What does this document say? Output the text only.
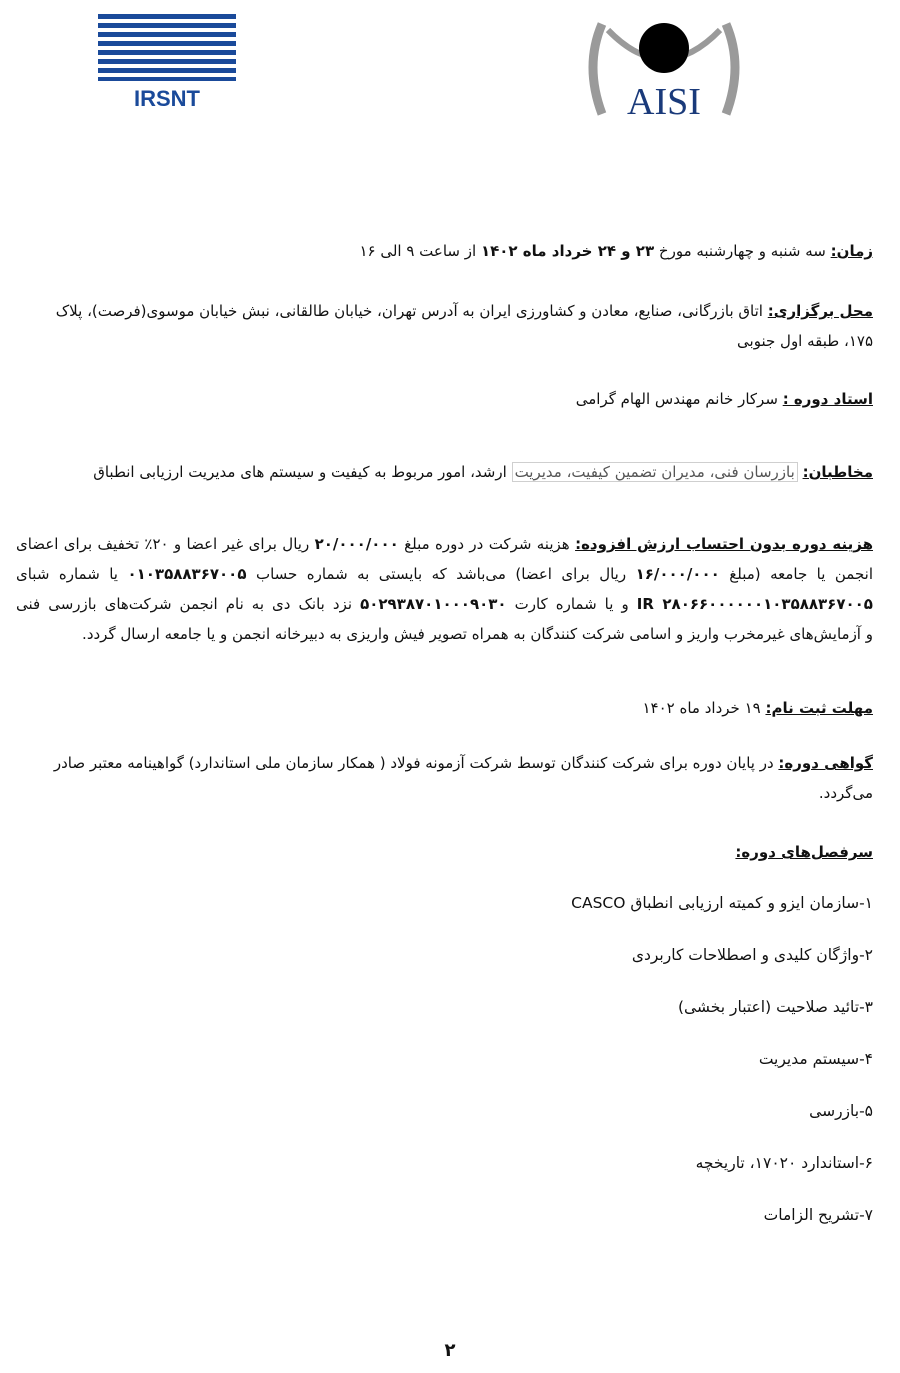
IRSNT	AISI
زمان: سه شنبه و چهارشنبه مورخ ۲۳ و ۲۴ خرداد ماه ۱۴۰۲ از ساعت ۹ الی ۱۶
محل برگزاری: اتاق بازرگانی، صنایع، معادن و کشاورزی ایران به آدرس تهران، خیابان طالقانی، نبش خیابان موسوی(فرصت)، پلاک
۱۷۵، طبقه اول جنوبی
استاد دوره : سرکار خانم مهندس الهام گرامی
مخاطبان: بازرسان فنی، مدیران تضمین کیفیت، مدیریت ارشد، امور مربوط به کیفیت و سیستم های مدیریت ارزیابی انطباق
هزینه دوره بدون احتساب ارزش افزوده: هزینه شرکت در دوره مبلغ ۲۰/۰۰۰/۰۰۰ ریال برای غیر اعضا و ۲۰٪ تخفیف برای اعضای
انجمن یا جامعه (مبلغ ۱۶/۰۰۰/۰۰۰ ریال برای اعضا) می‌باشد که بایستی به شماره حساب ۰۱۰۳۵۸۸۳۶۷۰۰۵ یا شماره شبای
IR ۲۸۰۶۶۰۰۰۰۰۰۱۰۳۵۸۸۳۶۷۰۰۵ و یا شماره کارت ۵۰۲۹۳۸۷۰۱۰۰۰۹۰۳۰ نزد بانک دی به نام انجمن شرکت‌های بازرسی فنی
و آزمایش‌های غیرمخرب واریز و اسامی شرکت کنندگان به همراه تصویر فیش واریزی به دبیرخانه انجمن و یا جامعه ارسال گردد.
مهلت ثبت نام: ۱۹ خرداد ماه ۱۴۰۲
گواهی دوره: در پایان دوره برای شرکت کنندگان توسط شرکت آزمونه فولاد ( همکار سازمان ملی استاندارد) گواهینامه معتبر صادر
می‌گردد.
سرفصل‌های دوره:
۱-سازمان ایزو و کمیته ارزیابی انطباق CASCO
۲-واژگان کلیدی و اصطلاحات کاربردی
۳-تائید صلاحیت (اعتبار بخشی)
۴-سیستم مدیریت
۵-بازرسی
۶-استاندارد ۱۷۰۲۰، تاریخچه
۷-تشریح الزامات
۲
